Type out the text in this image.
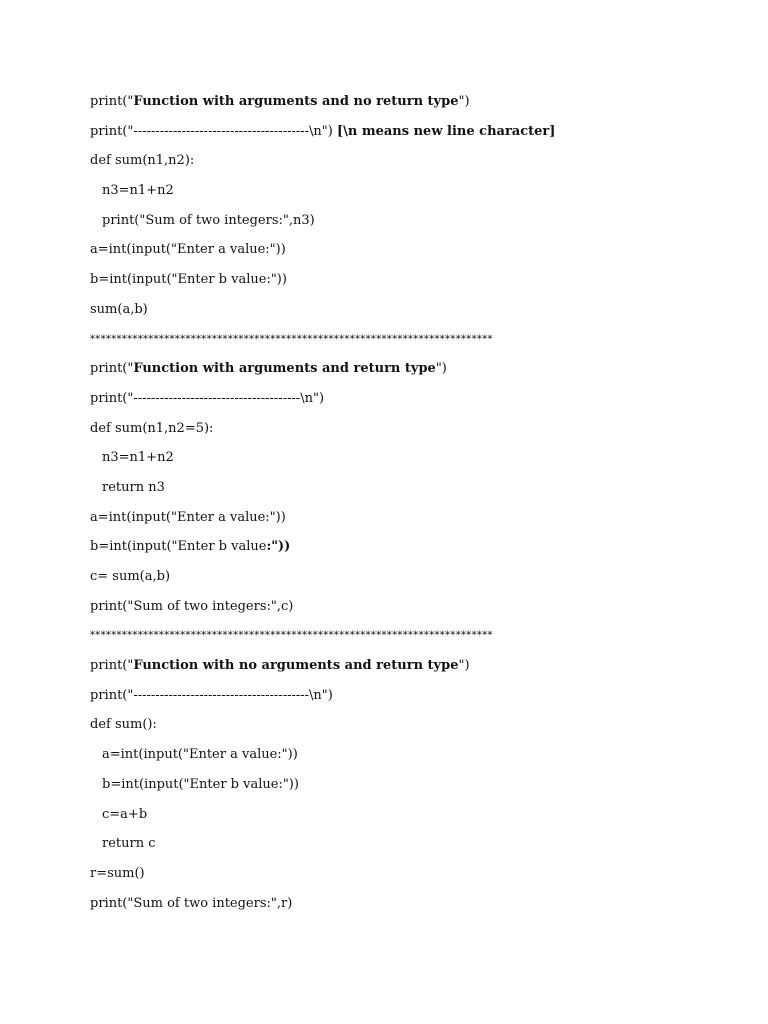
print("Function with arguments and no return type")
print("----------------------------------------\n") [\n means new line character]
def sum(n1,n2):
n3=n1+n2
print("Sum of two integers:",n3)
a=int(input("Enter a value:"))
b=int(input("Enter b value:"))
sum(a,b)
****************************************************************************
print("Function with arguments and return type")
print("--------------------------------------\n")
def sum(n1,n2=5):
n3=n1+n2
return n3
a=int(input("Enter a value:"))
b=int(input("Enter b value:"))
c= sum(a,b)
print("Sum of two integers:",c)
****************************************************************************
print("Function with no arguments and return type")
print("----------------------------------------\n")
def sum():
a=int(input("Enter a value:"))
b=int(input("Enter b value:"))
c=a+b
return c
r=sum()
print("Sum of two integers:",r)
